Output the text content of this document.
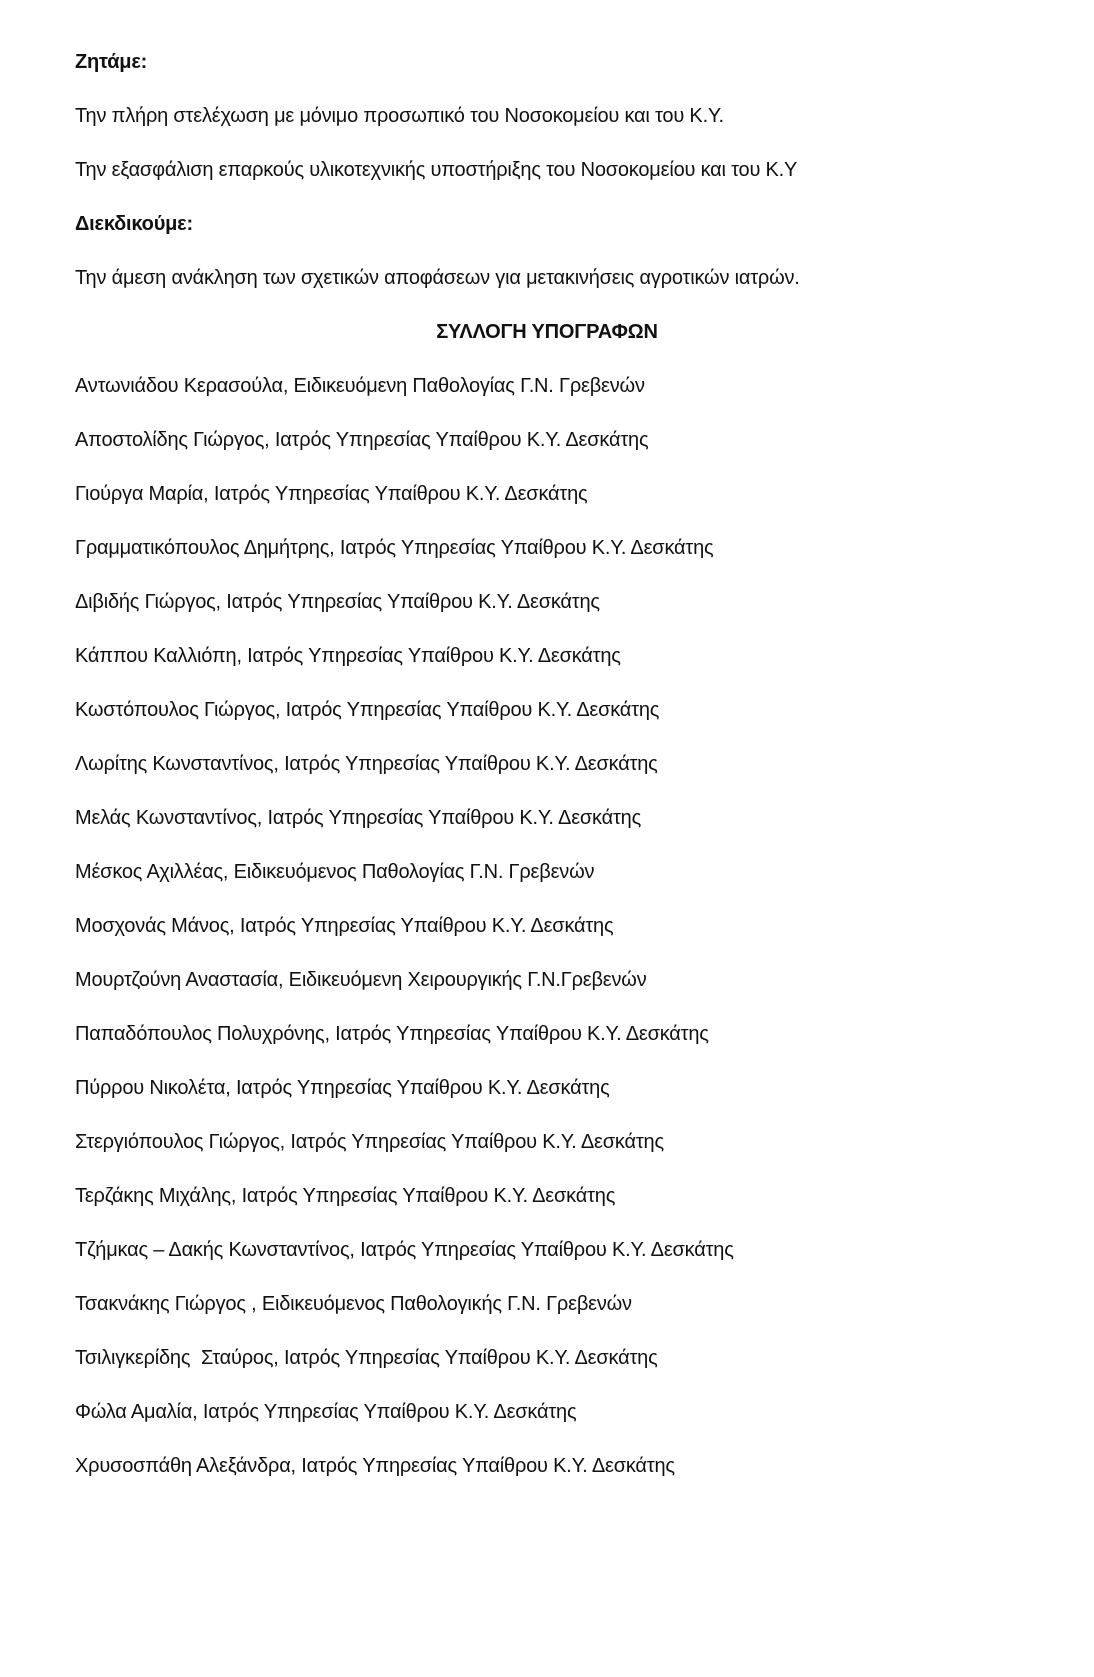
Ζητάμε:

Την πλήρη στελέχωση με μόνιμο προσωπικό του Νοσοκομείου και του Κ.Υ.

Την εξασφάλιση επαρκούς υλικοτεχνικής υποστήριξης του Νοσοκομείου και του Κ.Υ

Διεκδικούμε:

Την άμεση ανάκληση των σχετικών αποφάσεων για μετακινήσεις αγροτικών ιατρών.

ΣΥΛΛΟΓΗ ΥΠΟΓΡΑΦΩΝ

Αντωνιάδου Κερασούλα, Ειδικευόμενη Παθολογίας Γ.Ν. Γρεβενών

Αποστολίδης Γιώργος, Ιατρός Υπηρεσίας Υπαίθρου Κ.Υ. Δεσκάτης

Γιούργα Μαρία, Ιατρός Υπηρεσίας Υπαίθρου Κ.Υ. Δεσκάτης

Γραμματικόπουλος Δημήτρης, Ιατρός Υπηρεσίας Υπαίθρου Κ.Υ. Δεσκάτης

Διβιδής Γιώργος, Ιατρός Υπηρεσίας Υπαίθρου Κ.Υ. Δεσκάτης

Κάππου Καλλιόπη, Ιατρός Υπηρεσίας Υπαίθρου Κ.Υ. Δεσκάτης

Κωστόπουλος Γιώργος, Ιατρός Υπηρεσίας Υπαίθρου Κ.Υ. Δεσκάτης

Λωρίτης Κωνσταντίνος, Ιατρός Υπηρεσίας Υπαίθρου Κ.Υ. Δεσκάτης

Μελάς Κωνσταντίνος, Ιατρός Υπηρεσίας Υπαίθρου Κ.Υ. Δεσκάτης

Μέσκος Αχιλλέας, Ειδικευόμενος Παθολογίας Γ.Ν. Γρεβενών

Μοσχονάς Μάνος, Ιατρός Υπηρεσίας Υπαίθρου Κ.Υ. Δεσκάτης

Μουρτζούνη Αναστασία, Ειδικευόμενη Χειρουργικής Γ.Ν.Γρεβενών

Παπαδόπουλος Πολυχρόνης, Ιατρός Υπηρεσίας Υπαίθρου Κ.Υ. Δεσκάτης

Πύρρου Νικολέτα, Ιατρός Υπηρεσίας Υπαίθρου Κ.Υ. Δεσκάτης

Στεργιόπουλος Γιώργος, Ιατρός Υπηρεσίας Υπαίθρου Κ.Υ. Δεσκάτης

Τερζάκης Μιχάλης, Ιατρός Υπηρεσίας Υπαίθρου Κ.Υ. Δεσκάτης

Τζήμκας – Δακής Κωνσταντίνος, Ιατρός Υπηρεσίας Υπαίθρου Κ.Υ. Δεσκάτης

Τσακνάκης Γιώργος , Ειδικευόμενος Παθολογικής Γ.Ν. Γρεβενών

Τσιλιγκερίδης  Σταύρος, Ιατρός Υπηρεσίας Υπαίθρου Κ.Υ. Δεσκάτης

Φώλα Αμαλία, Ιατρός Υπηρεσίας Υπαίθρου Κ.Υ. Δεσκάτης

Χρυσοσπάθη Αλεξάνδρα, Ιατρός Υπηρεσίας Υπαίθρου Κ.Υ. Δεσκάτης
